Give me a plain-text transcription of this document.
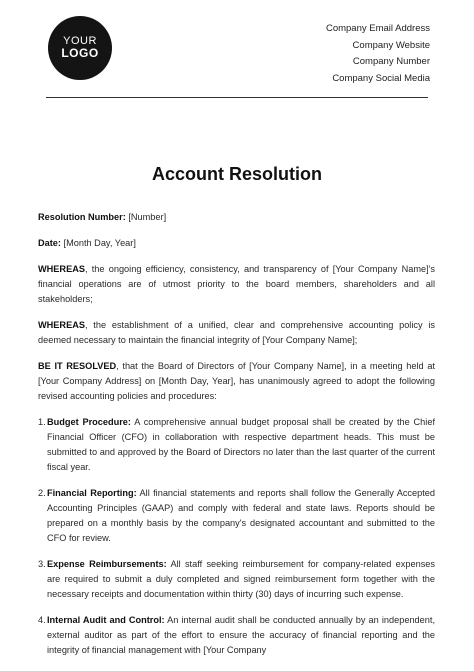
YOUR
LOGO
Company Email Address
Company Website
Company Number
Company Social Media
Account Resolution

Resolution Number: [Number]

Date: [Month Day, Year]

WHEREAS, the ongoing efficiency, consistency, and transparency of [Your Company Name]'s financial operations are of utmost priority to the board members, shareholders and all stakeholders;

WHEREAS, the establishment of a unified, clear and comprehensive accounting policy is deemed necessary to maintain the financial integrity of [Your Company Name];

BE IT RESOLVED, that the Board of Directors of [Your Company Name], in a meeting held at [Your Company Address] on [Month Day, Year], has unanimously agreed to adopt the following revised accounting policies and procedures:

1. Budget Procedure: A comprehensive annual budget proposal shall be created by the Chief Financial Officer (CFO) in collaboration with respective department heads. This must be submitted to and approved by the Board of Directors no later than the last quarter of the current fiscal year.
2. Financial Reporting: All financial statements and reports shall follow the Generally Accepted Accounting Principles (GAAP) and comply with federal and state laws. Reports should be prepared on a monthly basis by the company's designated accountant and submitted to the CFO for review.
3. Expense Reimbursements: All staff seeking reimbursement for company-related expenses are required to submit a duly completed and signed reimbursement form together with the necessary receipts and documentation within thirty (30) days of incurring such expense.
4. Internal Audit and Control: An internal audit shall be conducted annually by an independent, external auditor as part of the effort to ensure the accuracy of financial reporting and the integrity of financial management with [Your Company
